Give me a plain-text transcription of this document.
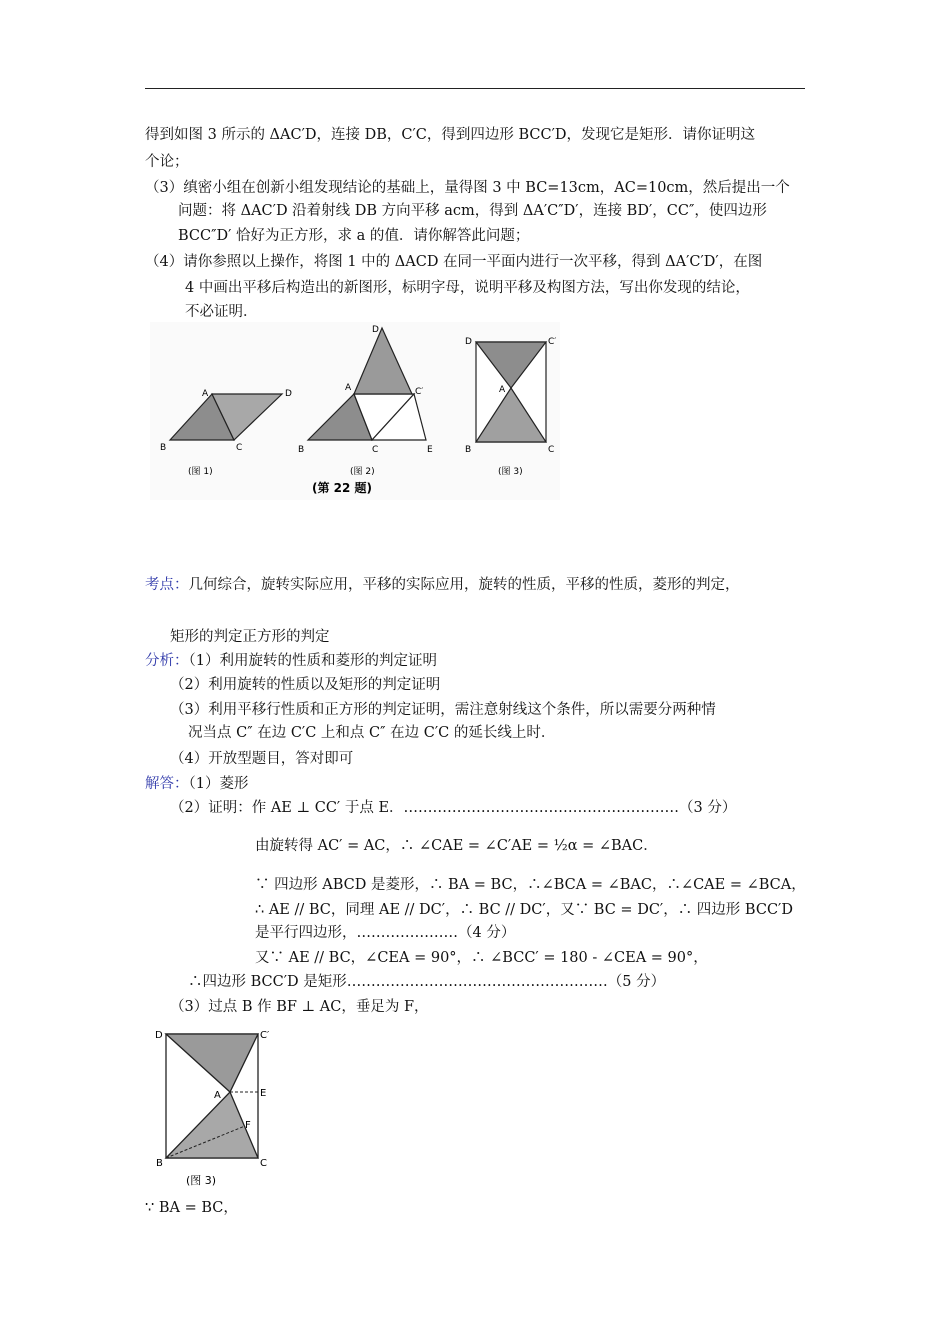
得到如图 3 所示的 ΔAC′D，连接 DB，C′C，得到四边形 BCC′D，发现它是矩形．请你证明这
个论；
（3）缜密小组在创新小组发现结论的基础上，量得图 3 中 BC=13cm，AC=10cm，然后提出一个
问题：将 ΔAC′D 沿着射线 DB 方向平移 acm，得到 ΔA′C″D′，连接 BD′，CC″，使四边形
BCC″D′ 恰好为正方形，求 a 的值．请你解答此问题；
（4）请你参照以上操作，将图 1 中的 ΔACD 在同一平面内进行一次平移，得到 ΔA′C′D′，在图
4 中画出平移后构造出的新图形，标明字母，说明平移及构图方法，写出你发现的结论，
不必证明．
A	D
B	C
(图 1)
D
A	C′
B	C	E
(图 2)
D	C′
A
B	C
(图 3)
(第 22 题)
考点：几何综合，旋转实际应用，平移的实际应用，旋转的性质，平移的性质，菱形的判定，
矩形的判定正方形的判定
分析：（1）利用旋转的性质和菱形的判定证明
（2）利用旋转的性质以及矩形的判定证明
（3）利用平移行性质和正方形的判定证明，需注意射线这个条件，所以需要分两种情
况当点 C″ 在边 C′C 上和点 C″ 在边 C′C 的延长线上时．
（4）开放型题目，答对即可
解答：（1）菱形
（2）证明：作 AE ⊥ CC′ 于点 E．…………………………………………………（3 分）
由旋转得 AC′ = AC，∴ ∠CAE = ∠C′AE = ½α = ∠BAC．
∵ 四边形 ABCD 是菱形，∴ BA = BC，∴∠BCA = ∠BAC，∴∠CAE = ∠BCA，
∴ AE // BC，同理 AE // DC′，∴ BC // DC′，又∵ BC = DC′，∴ 四边形 BCC′D
是平行四边形，…………………（4 分）
又∵ AE // BC，∠CEA = 90°，∴ ∠BCC′ = 180 - ∠CEA = 90°，
∴四边形 BCC′D 是矩形………………………………………………（5 分）
（3）过点 B 作 BF ⊥ AC，垂足为 F，
D	C′
A	E
F
B	C
(图 3)
∵ BA = BC，
